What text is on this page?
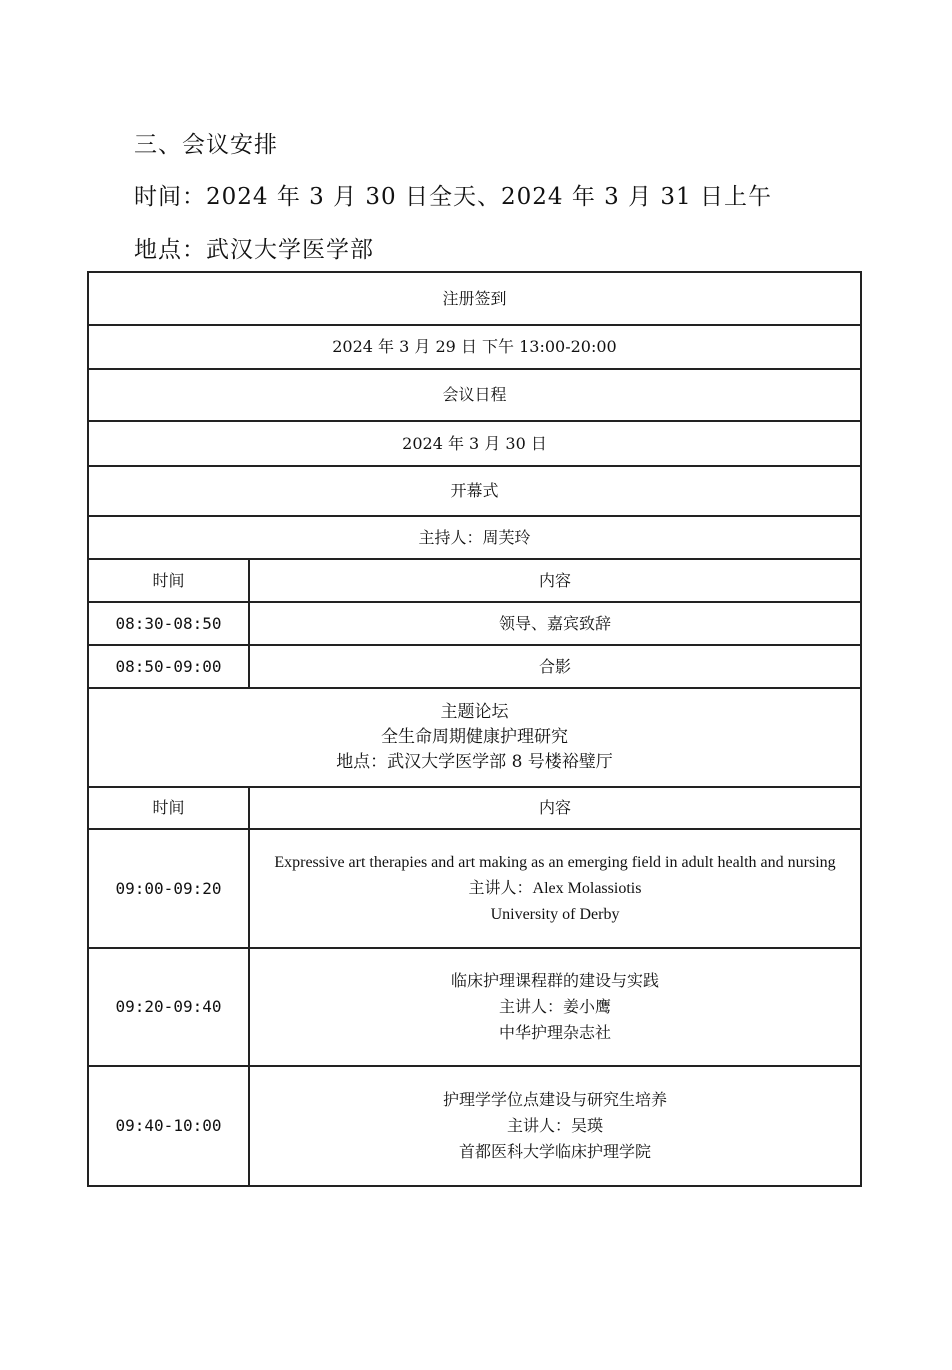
三、会议安排
时间：2024 年 3 月 30 日全天、2024 年 3 月 31 日上午
地点：武汉大学医学部
注册签到	
2024 年 3 月 29 日 下午 13:00-20:00	
会议日程	
2024 年 3 月 30 日	
开幕式	
主持人：周芙玲	
时间	内容
08:30-08:50	领导、嘉宾致辞
08:50-09:00	合影

主题论坛
全生命周期健康护理研究
地点：武汉大学医学部 8 号楼裕璧厅	

时间	内容
09:00-09:20	Expressive art therapies and art making as an emerging field in adult health and nursing
主讲人：Alex Molassiotis
University of Derby

09:20-09:40	临床护理课程群的建设与实践
主讲人：姜小鹰
中华护理杂志社

09:40-10:00	护理学学位点建设与研究生培养
主讲人：吴瑛
首都医科大学临床护理学院
